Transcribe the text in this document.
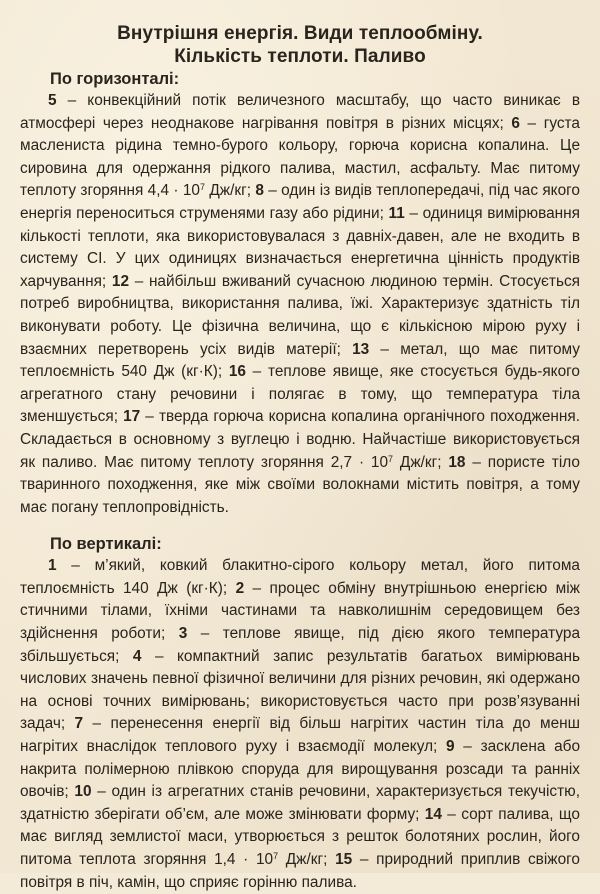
Внутрішня енергія. Види теплообміну.
Кількість теплоти. Паливо
По горизонталі:

5 – конвекційний потік величезного масштабу, що часто виникає в атмосфері через неоднакове нагрівання повітря в різних місцях; 6 – густа маслениста рідина темно-бурого кольору, горюча корисна копалина. Це сировина для одержання рідкого палива, мастил, асфальту. Має питому теплоту згоряння $4,4 \cdot 10^7$ Дж/кг; 8 – один із видів теплопередачі, під час якого енергія переноситься струменями газу або рідини; 11 – одиниця вимірювання кількості теплоти, яка використовувалася з давніх-давен, але не входить в систему СІ. У цих одиницях визначається енергетична цінність продуктів харчування; 12 – найбільш вживаний сучасною людиною термін. Стосується потреб виробництва, використання палива, їжі. Характеризує здатність тіл виконувати роботу. Це фізична величина, що є кількісною мірою руху і взаємних перетворень усіх видів матерії; 13 – метал, що має питому теплоємність 540 Дж (кг·К); 16 – теплове явище, яке стосується будь-якого агрегатного стану речовини і полягає в тому, що температура тіла зменшується; 17 – тверда горюча корисна копалина органічного походження. Складається в основному з вуглецю і водню. Найчастіше використовується як паливо. Має питому теплоту згоряння $2,7 \cdot 10^7$ Дж/кг; 18 – пористе тіло тваринного походження, яке між своїми волокнами містить повітря, а тому має погану теплопровідність.

По вертикалі:

1 – м’який, ковкий блакитно-сірого кольору метал, його питома теплоємність 140 Дж (кг·К); 2 – процес обміну внутрішньою енергією між стичними тілами, їхніми частинами та навколишнім середовищем без здійснення роботи; 3 – теплове явище, під дією якого температура збільшується; 4 – компактний запис результатів багатьох вимірювань числових значень певної фізичної величини для різних речовин, які одержано на основі точних вимірювань; використовується часто при розв’язуванні задач; 7 – перенесення енергії від більш нагрітих частин тіла до менш нагрітих внаслідок теплового руху і взаємодії молекул; 9 – засклена або накрита полімерною плівкою споруда для вирощування розсади та ранніх овочів; 10 – один із агрегатних станів речовини, характеризується текучістю, здатністю зберігати об’єм, але може змінювати форму; 14 – сорт палива, що має вигляд землистої маси, утворюється з решток болотяних рослин, його питома теплота згоряння $1,4 \cdot 10^7$ Дж/кг; 15 – природний приплив свіжого повітря в піч, камін, що сприяє горінню палива.
